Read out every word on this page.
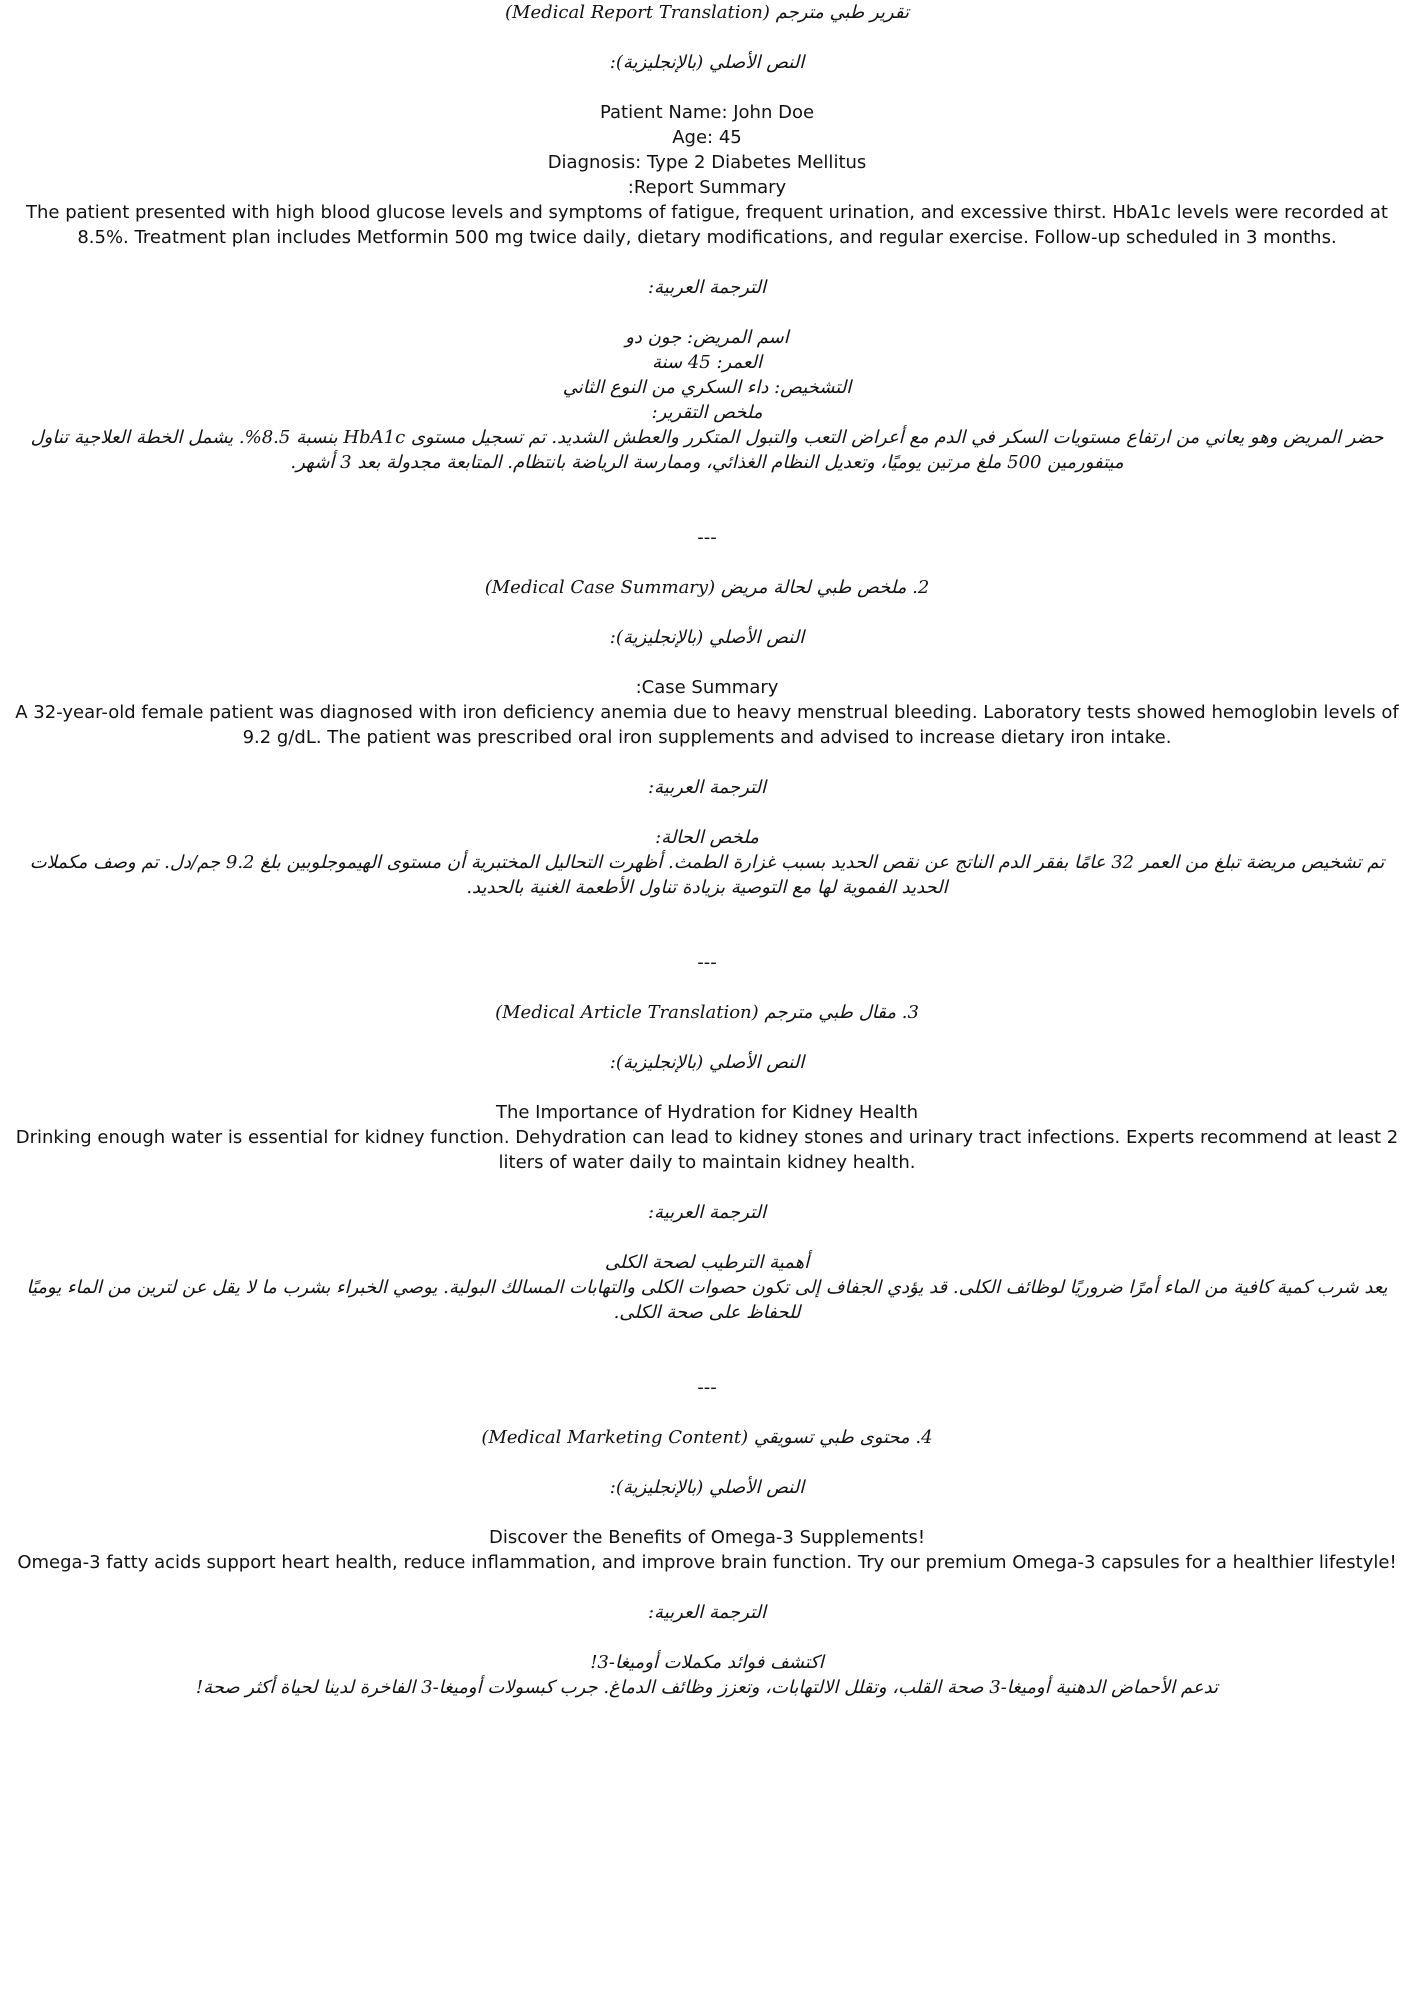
تقرير طبي مترجم (Medical Report Translation)
النص الأصلي (بالإنجليزية):
Patient Name: John Doe
Age: 45
Diagnosis: Type 2 Diabetes Mellitus
:Report Summary
The patient presented with high blood glucose levels and symptoms of fatigue, frequent urination, and excessive thirst. HbA1c levels were recorded at 8.5%. Treatment plan includes Metformin 500 mg twice daily, dietary modifications, and regular exercise. Follow-up scheduled in 3 months.
الترجمة العربية:
اسم المريض: جون دو
العمر: 45 سنة
التشخيص: داء السكري من النوع الثاني
ملخص التقرير:
حضر المريض وهو يعاني من ارتفاع مستويات السكر في الدم مع أعراض التعب والتبول المتكرر والعطش الشديد. تم تسجيل مستوى HbA1c بنسبة 8.5%. يشمل الخطة العلاجية تناول ميتفورمين 500 ملغ مرتين يوميًا، وتعديل النظام الغذائي، وممارسة الرياضة بانتظام. المتابعة مجدولة بعد 3 أشهر.
---
2. ملخص طبي لحالة مريض (Medical Case Summary)
النص الأصلي (بالإنجليزية):
:Case Summary
A 32-year-old female patient was diagnosed with iron deficiency anemia due to heavy menstrual bleeding. Laboratory tests showed hemoglobin levels of 9.2 g/dL. The patient was prescribed oral iron supplements and advised to increase dietary iron intake.
الترجمة العربية:
ملخص الحالة:
تم تشخيص مريضة تبلغ من العمر 32 عامًا بفقر الدم الناتج عن نقص الحديد بسبب غزارة الطمث. أظهرت التحاليل المختبرية أن مستوى الهيموجلوبين بلغ 9.2 جم/دل. تم وصف مكملات الحديد الفموية لها مع التوصية بزيادة تناول الأطعمة الغنية بالحديد.
---
3. مقال طبي مترجم (Medical Article Translation)
النص الأصلي (بالإنجليزية):
The Importance of Hydration for Kidney Health
Drinking enough water is essential for kidney function. Dehydration can lead to kidney stones and urinary tract infections. Experts recommend at least 2 liters of water daily to maintain kidney health.
الترجمة العربية:
أهمية الترطيب لصحة الكلى
يعد شرب كمية كافية من الماء أمرًا ضروريًا لوظائف الكلى. قد يؤدي الجفاف إلى تكون حصوات الكلى والتهابات المسالك البولية. يوصي الخبراء بشرب ما لا يقل عن لترين من الماء يوميًا للحفاظ على صحة الكلى.
---
4. محتوى طبي تسويقي (Medical Marketing Content)
النص الأصلي (بالإنجليزية):
Discover the Benefits of Omega-3 Supplements!
Omega-3 fatty acids support heart health, reduce inflammation, and improve brain function. Try our premium Omega-3 capsules for a healthier lifestyle!
الترجمة العربية:
اكتشف فوائد مكملات أوميغا-3!
تدعم الأحماض الدهنية أوميغا-3 صحة القلب، وتقلل الالتهابات، وتعزز وظائف الدماغ. جرب كبسولات أوميغا-3 الفاخرة لدينا لحياة أكثر صحة!
